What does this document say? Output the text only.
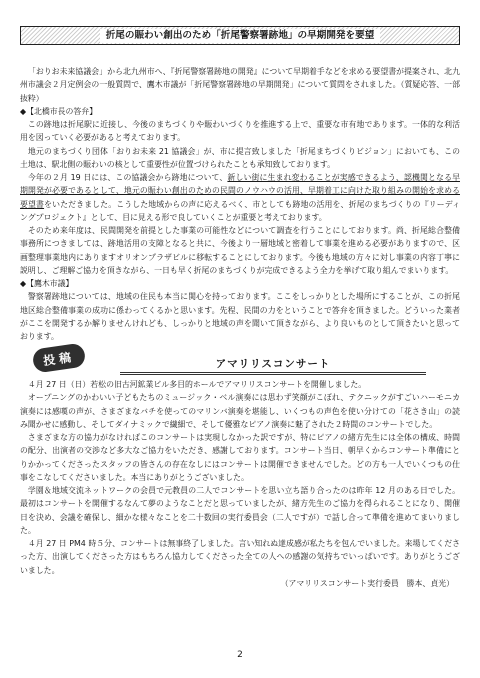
折尾の賑わい創出のため「折尾警察署跡地」の早期開発を要望

「おりお未来協議会」から北九州市へ、『折尾警察署跡地の開発』について早期着手などを求める要望書が提案され、北九州市議会２月定例会の一般質問で、鷹木市議が「折尾警察署跡地の早期開発」について質問をされました。（質疑応答、一部抜粋）

◆【北橋市長の答弁】

この跡地は折尾駅に近接し、今後のまちづくりや賑わいづくりを推進する上で、重要な市有地であります。一体的な利活用を図っていく必要があると考えております。

地元のまちづくり団体「おりお未来 21 協議会」が、市に提言致しました「折尾まちづくりビジョン」においても、この土地は、駅北側の賑わいの核として重要性が位置づけられたことも承知致しております。

今年の２月 19 日には、この協議会から跡地について、新しい街に生まれ変わることが実感できるよう、認機関となる早期開発が必要であるとして、地元の賑わい創出のための民間のノウハウの活用、早期着工に向けた取り組みの開始を求める要望書をいただきました。こうした地域からの声に応えるべく、市としても跡地の活用を、折尾のまちづくりの『リーディングプロジェクト』として、目に見える形で良していくことが重要と考えております。

そのため来年度は、民間開発を前提とした事業の可能性などについて調査を行うことにしております。尚、折尾総合整備事務所につきましては、跡地活用の支障となると共に、今後より一層地域と密着して事業を進める必要がありますので、区画整理事業地内にありますオリオンプラザビルに移転することにしております。今後も地域の方々に対し事業の内容丁寧に説明し、ご理解ご協力を頂きながら、一日も早く折尾のまちづくりが完成できるよう全力を挙げて取り組んでまいります。

◆【鷹木市議】

警察署跡地については、地域の住民も本当に関心を持っております。ここをしっかりとした場所にすることが、この折尾地区総合整備事業の成功に係わってくるかと思います。先程、民間の力をということで答弁を頂きました。どういった業者がここを開発するか解りませんけれども、しっかりと地域の声を聞いて頂きながら、より良いものとして頂きたいと思っております。

投稿	アマリリスコンサート

４月 27 日（日）若松の旧古河鉱業ビル多目的ホールでアマリリスコンサートを開催しました。

オープニングのかわいい子どもたちのミュージック・ベル演奏には思わず笑顔がこぼれ、テクニックがすごいハーモニカ演奏には感嘆の声が、さまざまなバチを使ってのマリンバ演奏を堪能し、いくつもの声色を使い分けての「花さき山」の読み聞かせに感動し、そしてダイナミックで繊細で、そして優雅なピアノ演奏に魅了された２時間のコンサートでした。

さまざまな方の協力がなければこのコンサートは実現しなかった訳ですが、特にピアノの緒方先生には全体の構成、時間の配分、出演者の交渉など多大なご協力をいただき、感謝しております。コンサート当日、朝早くからコンサート準備にとりかかってくださったスタッフの皆さんの存在なしにはコンサートは開催できませんでした。どの方も一人でいくつもの仕事をこなしてくださいました。本当にありがとうございました。

学園＆地域交流ネットワークの会員で元教員の二人でコンサートを思い立ち語り合ったのは昨年 12 月のある日でした。最初はコンサートを開催するなんて夢のようなことだと思っていましたが、緒方先生のご協力を得られることになり、開催日を決め、会議を確保し、細かな様々なことを二十数回の実行委員会（二人ですが）で話し合って準備を進めてまいりました。

４月 27 日 PM4 時５分、コンサートは無事終了しました。言い知れぬ達成感が私たちを包んでいました。来場してくださった方、出演してくださった方はもちろん協力してくださった全ての人への感謝の気持ちでいっぱいです。ありがとうございました。

（アマリリスコンサート実行委員　勝本、貞光）

2
